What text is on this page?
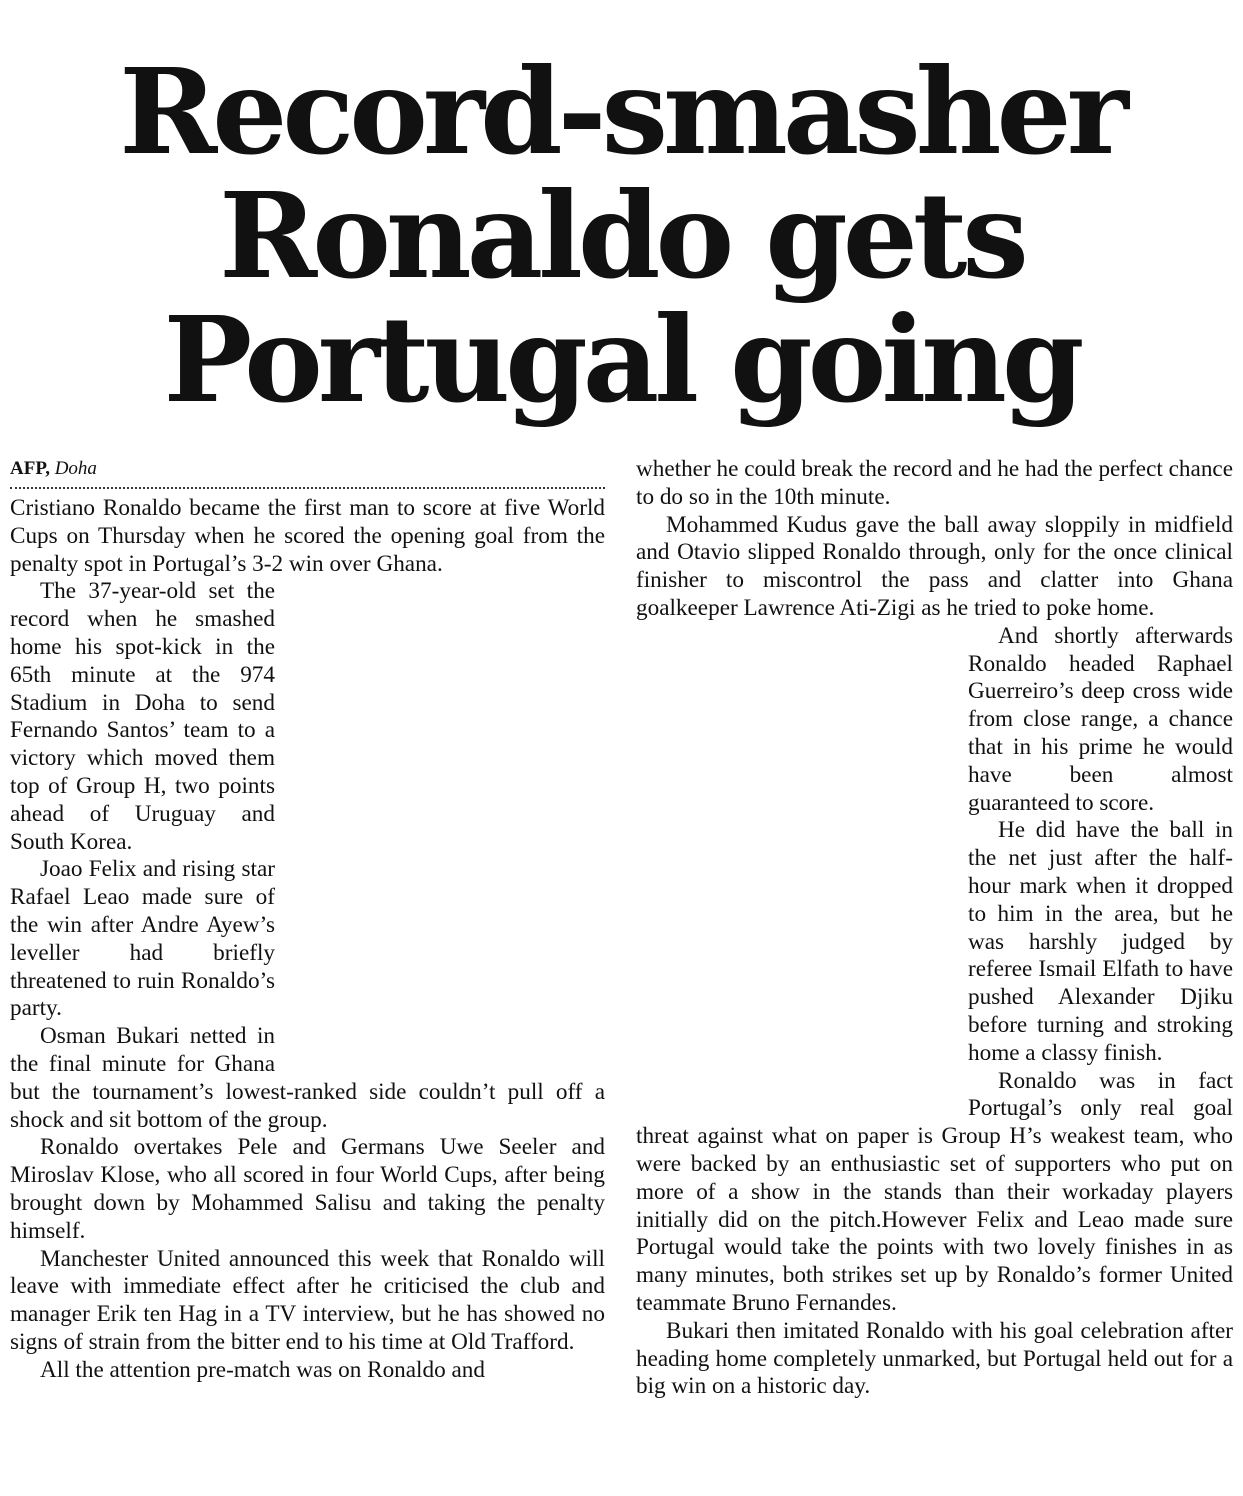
Record-smasher
Ronaldo gets
Portugal going
AFP, Doha

Cristiano Ronaldo became the first man to score at five World Cups on Thursday when he scored the opening goal from the penalty spot in Portugal’s 3-2 win over Ghana.

The 37-year-old set the record when he smashed home his spot-kick in the 65th minute at the 974 Stadium in Doha to send Fernando Santos’ team to a victory which moved them top of Group H, two points ahead of Uruguay and South Korea.

Joao Felix and rising star Rafael Leao made sure of the win after Andre Ayew’s leveller had briefly threatened to ruin Ronaldo’s party.

Osman Bukari netted in the final minute for Ghana but the tournament’s lowest-ranked side couldn’t pull off a shock and sit bottom of the group.

Ronaldo overtakes Pele and Germans Uwe Seeler and Miroslav Klose, who all scored in four World Cups, after being brought down by Mohammed Salisu and taking the penalty himself.

Manchester United announced this week that Ronaldo will leave with immediate effect after he criticised the club and manager Erik ten Hag in a TV interview, but he has showed no signs of strain from the bitter end to his time at Old Trafford.

All the attention pre-match was on Ronaldo and

whether he could break the record and he had the perfect chance to do so in the 10th minute.

Mohammed Kudus gave the ball away sloppily in midfield and Otavio slipped Ronaldo through, only for the once clinical finisher to miscontrol the pass and clatter into Ghana goalkeeper Lawrence Ati-Zigi as he tried to poke home.

And shortly afterwards Ronaldo headed Raphael Guerreiro’s deep cross wide from close range, a chance that in his prime he would have been almost guaranteed to score.

He did have the ball in the net just after the half-hour mark when it dropped to him in the area, but he was harshly judged by referee Ismail Elfath to have pushed Alexander Djiku before turning and stroking home a classy finish.

Ronaldo was in fact Portugal’s only real goal threat against what on paper is Group H’s weakest team, who were backed by an enthusiastic set of supporters who put on more of a show in the stands than their workaday players initially did on the pitch.However Felix and Leao made sure Portugal would take the points with two lovely finishes in as many minutes, both strikes set up by Ronaldo’s former United teammate Bruno Fernandes.

Bukari then imitated Ronaldo with his goal celebration after heading home completely unmarked, but Portugal held out for a big win on a historic day.
